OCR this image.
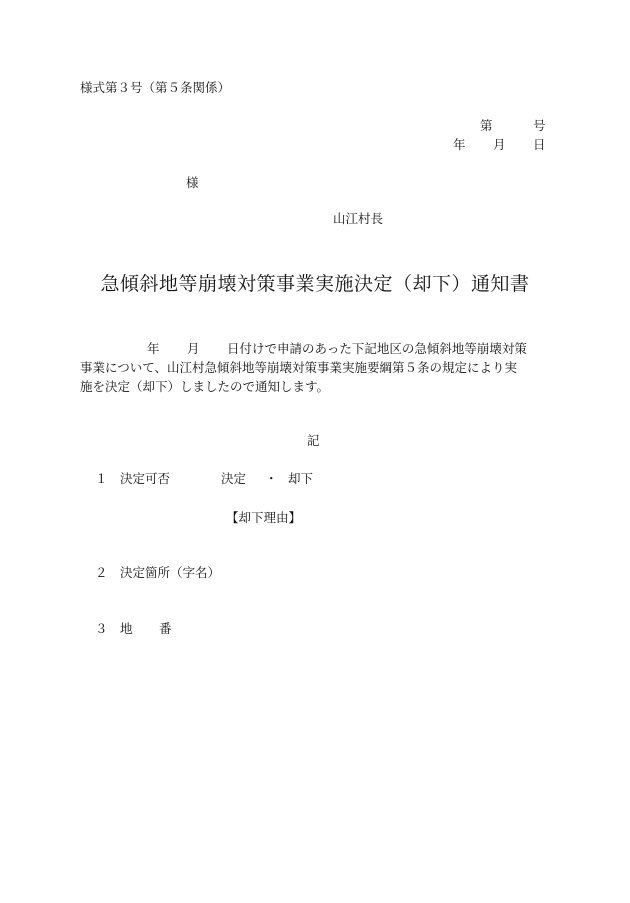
様式第３号（第５条関係）
第	号
年 月 日
様
山江村長
急傾斜地等崩壊対策事業実施決定（却下）通知書
年 月 日付けで申請のあった下記地区の急傾斜地等崩壊対策
事業について、山江村急傾斜地等崩壊対策事業実施要綱第５条の規定により実
施を決定（却下）しましたので通知します。
記
１ 決定可否	決定 ・ 却下
【却下理由】
２ 決定箇所（字名）
３ 地 番
